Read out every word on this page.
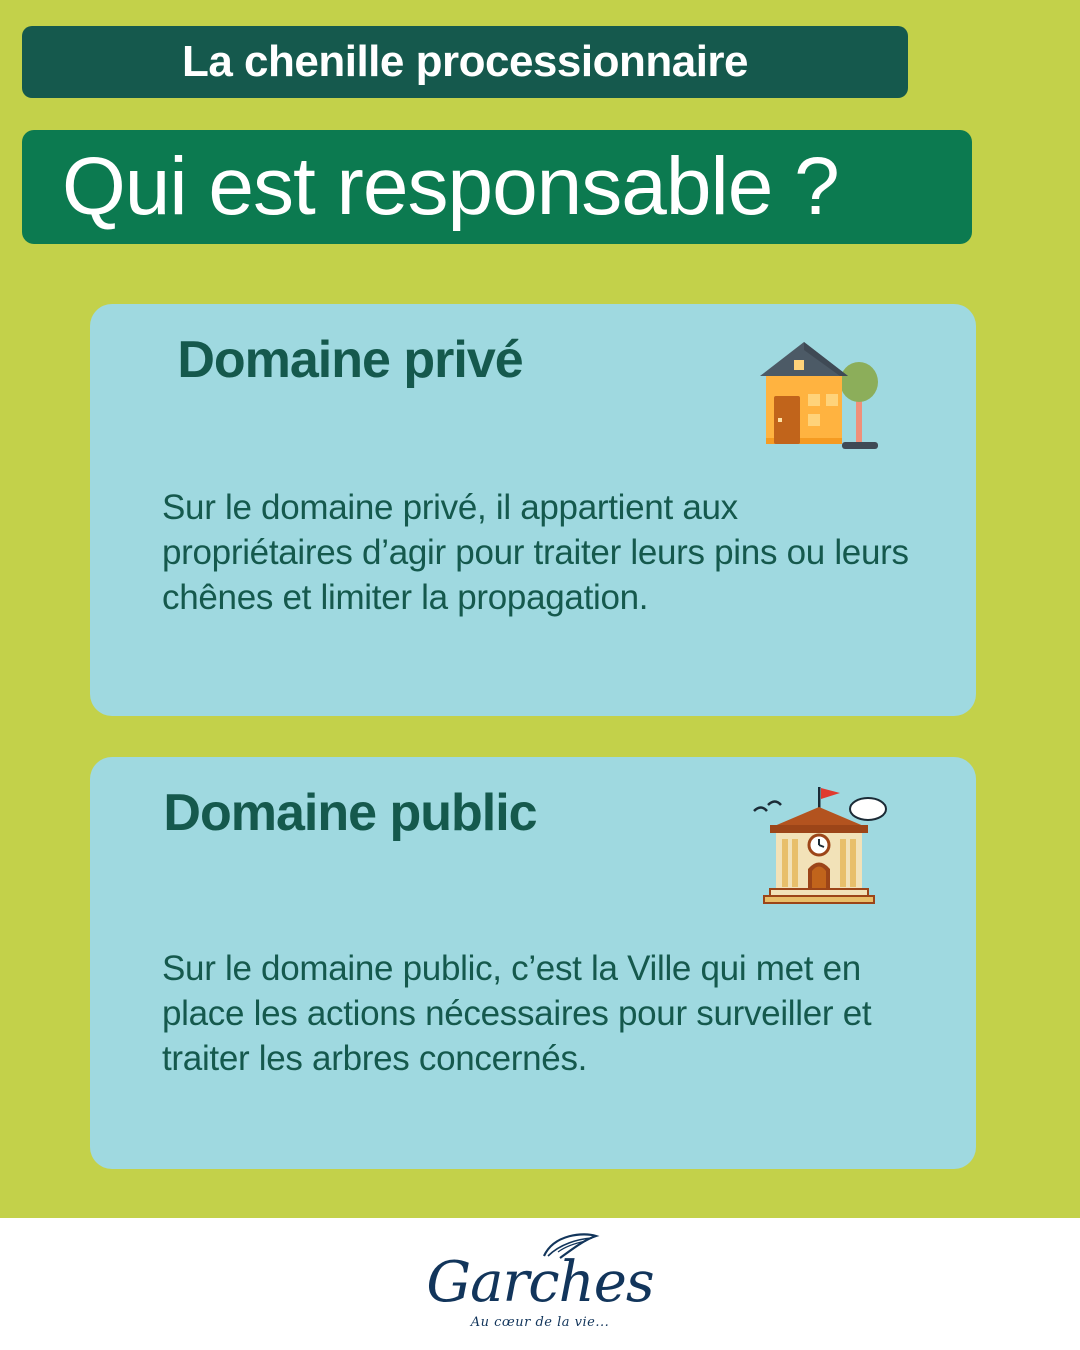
La chenille processionnaire
Qui est responsable ?
Domaine privé
Sur le domaine privé, il appartient aux propriétaires d’agir pour traiter leurs pins ou leurs chênes et limiter la propagation.
Domaine public
Sur le domaine public, c’est la Ville qui met en place les actions nécessaires pour surveiller et traiter les arbres concernés.
Garches
Au cœur de la vie...
